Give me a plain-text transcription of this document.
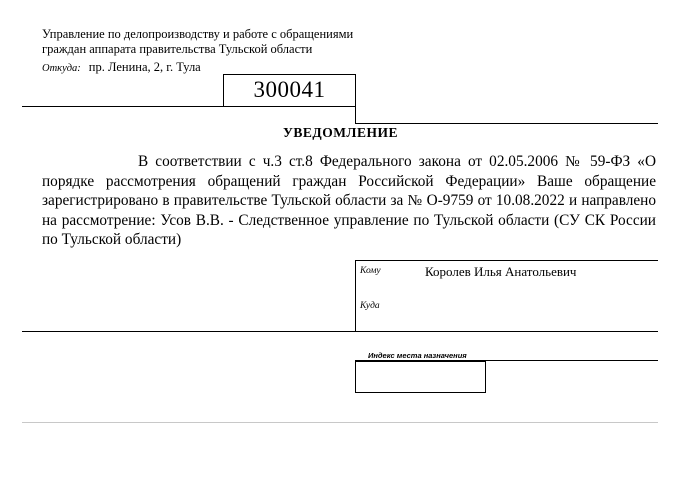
Управление по делопроизводству и работе с обращениями
граждан аппарата правительства Тульской области
Откуда: пр. Ленина, 2, г. Тула
300041
УВЕДОМЛЕНИЕ
В соответствии с ч.3 ст.8 Федерального закона от 02.05.2006 № 59-ФЗ «О порядке рассмотрения обращений граждан Российской Федерации» Ваше обращение зарегистрировано в правительстве Тульской области за № О-9759 от 10.08.2022 и направлено на рассмотрение: Усов В.В. - Следственное управление по Тульской области (СУ СК России по Тульской области)
Кому	Королев Илья Анатольевич
Куда
Индекс места назначения
